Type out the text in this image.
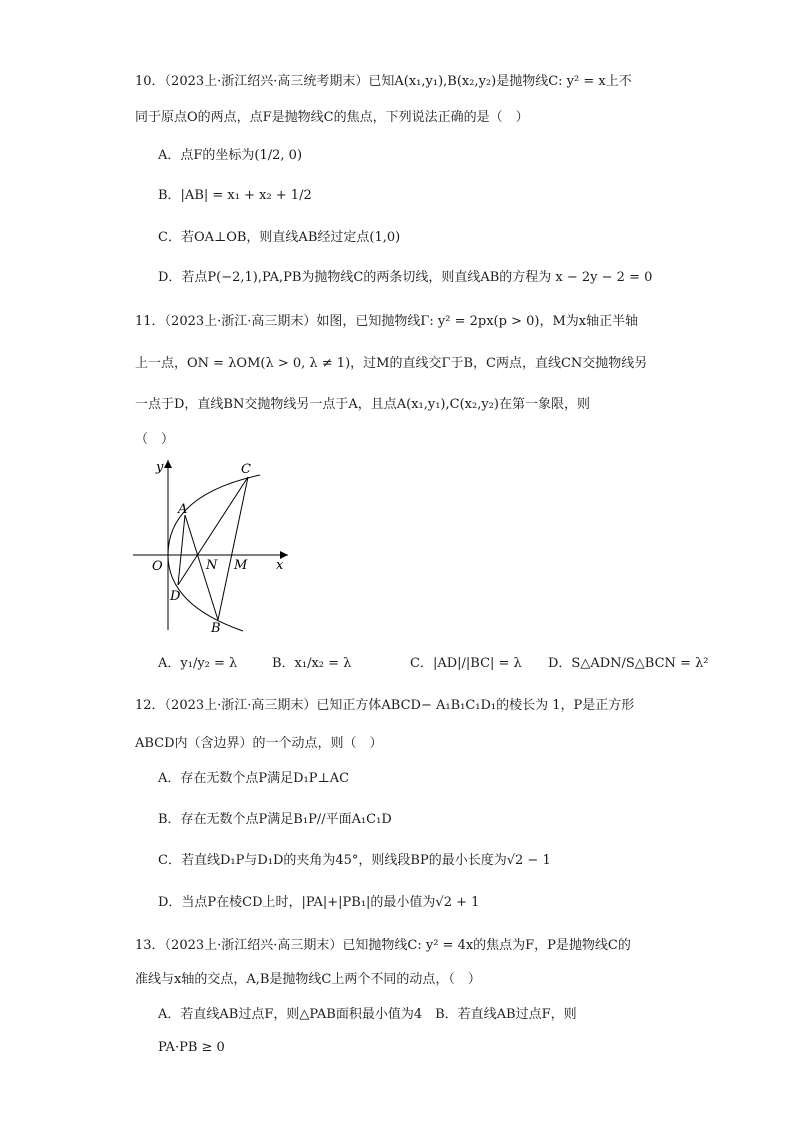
10．（2023上·浙江绍兴·高三统考期末）已知A(x₁,y₁),B(x₂,y₂)是抛物线C: y² = x上不
同于原点O的两点，点F是抛物线C的焦点，下列说法正确的是（　）
A．点F的坐标为(1/2, 0)
B．|AB| = x₁ + x₂ + 1/2
C．若OA⊥OB，则直线AB经过定点(1,0)
D．若点P(−2,1),PA,PB为抛物线C的两条切线，则直线AB的方程为 x − 2y − 2 = 0
11．（2023上·浙江·高三期末）如图，已知抛物线Γ: y² = 2px(p > 0)，M为x轴正半轴
上一点，ON = λOM(λ > 0, λ ≠ 1)，过M的直线交Γ于B，C两点，直线CN交抛物线另
一点于D，直线BN交抛物线另一点于A，且点A(x₁,y₁),C(x₂,y₂)在第一象限，则
（　）
y
x
O
A
C
N M
D
B
A．y₁/y₂ = λ	B．x₁/x₂ = λ	C．|AD|/|BC| = λ D．S△ADN/S△BCN = λ²
12．（2023上·浙江·高三期末）已知正方体ABCD− A₁B₁C₁D₁的棱长为 1，P是正方形
ABCD内（含边界）的一个动点，则（　）
A．存在无数个点P满足D₁P⊥AC
B．存在无数个点P满足B₁P//平面A₁C₁D
C．若直线D₁P与D₁D的夹角为45°，则线段BP的最小长度为√2 − 1
D．当点P在棱CD上时，|PA|+|PB₁|的最小值为√2 + 1
13．（2023上·浙江绍兴·高三期末）已知抛物线C: y² = 4x的焦点为F，P是抛物线C的
准线与x轴的交点，A,B是抛物线C上两个不同的动点，（　）
A．若直线AB过点F，则△PAB面积最小值为4　B．若直线AB过点F，则
PA·PB ≥ 0
